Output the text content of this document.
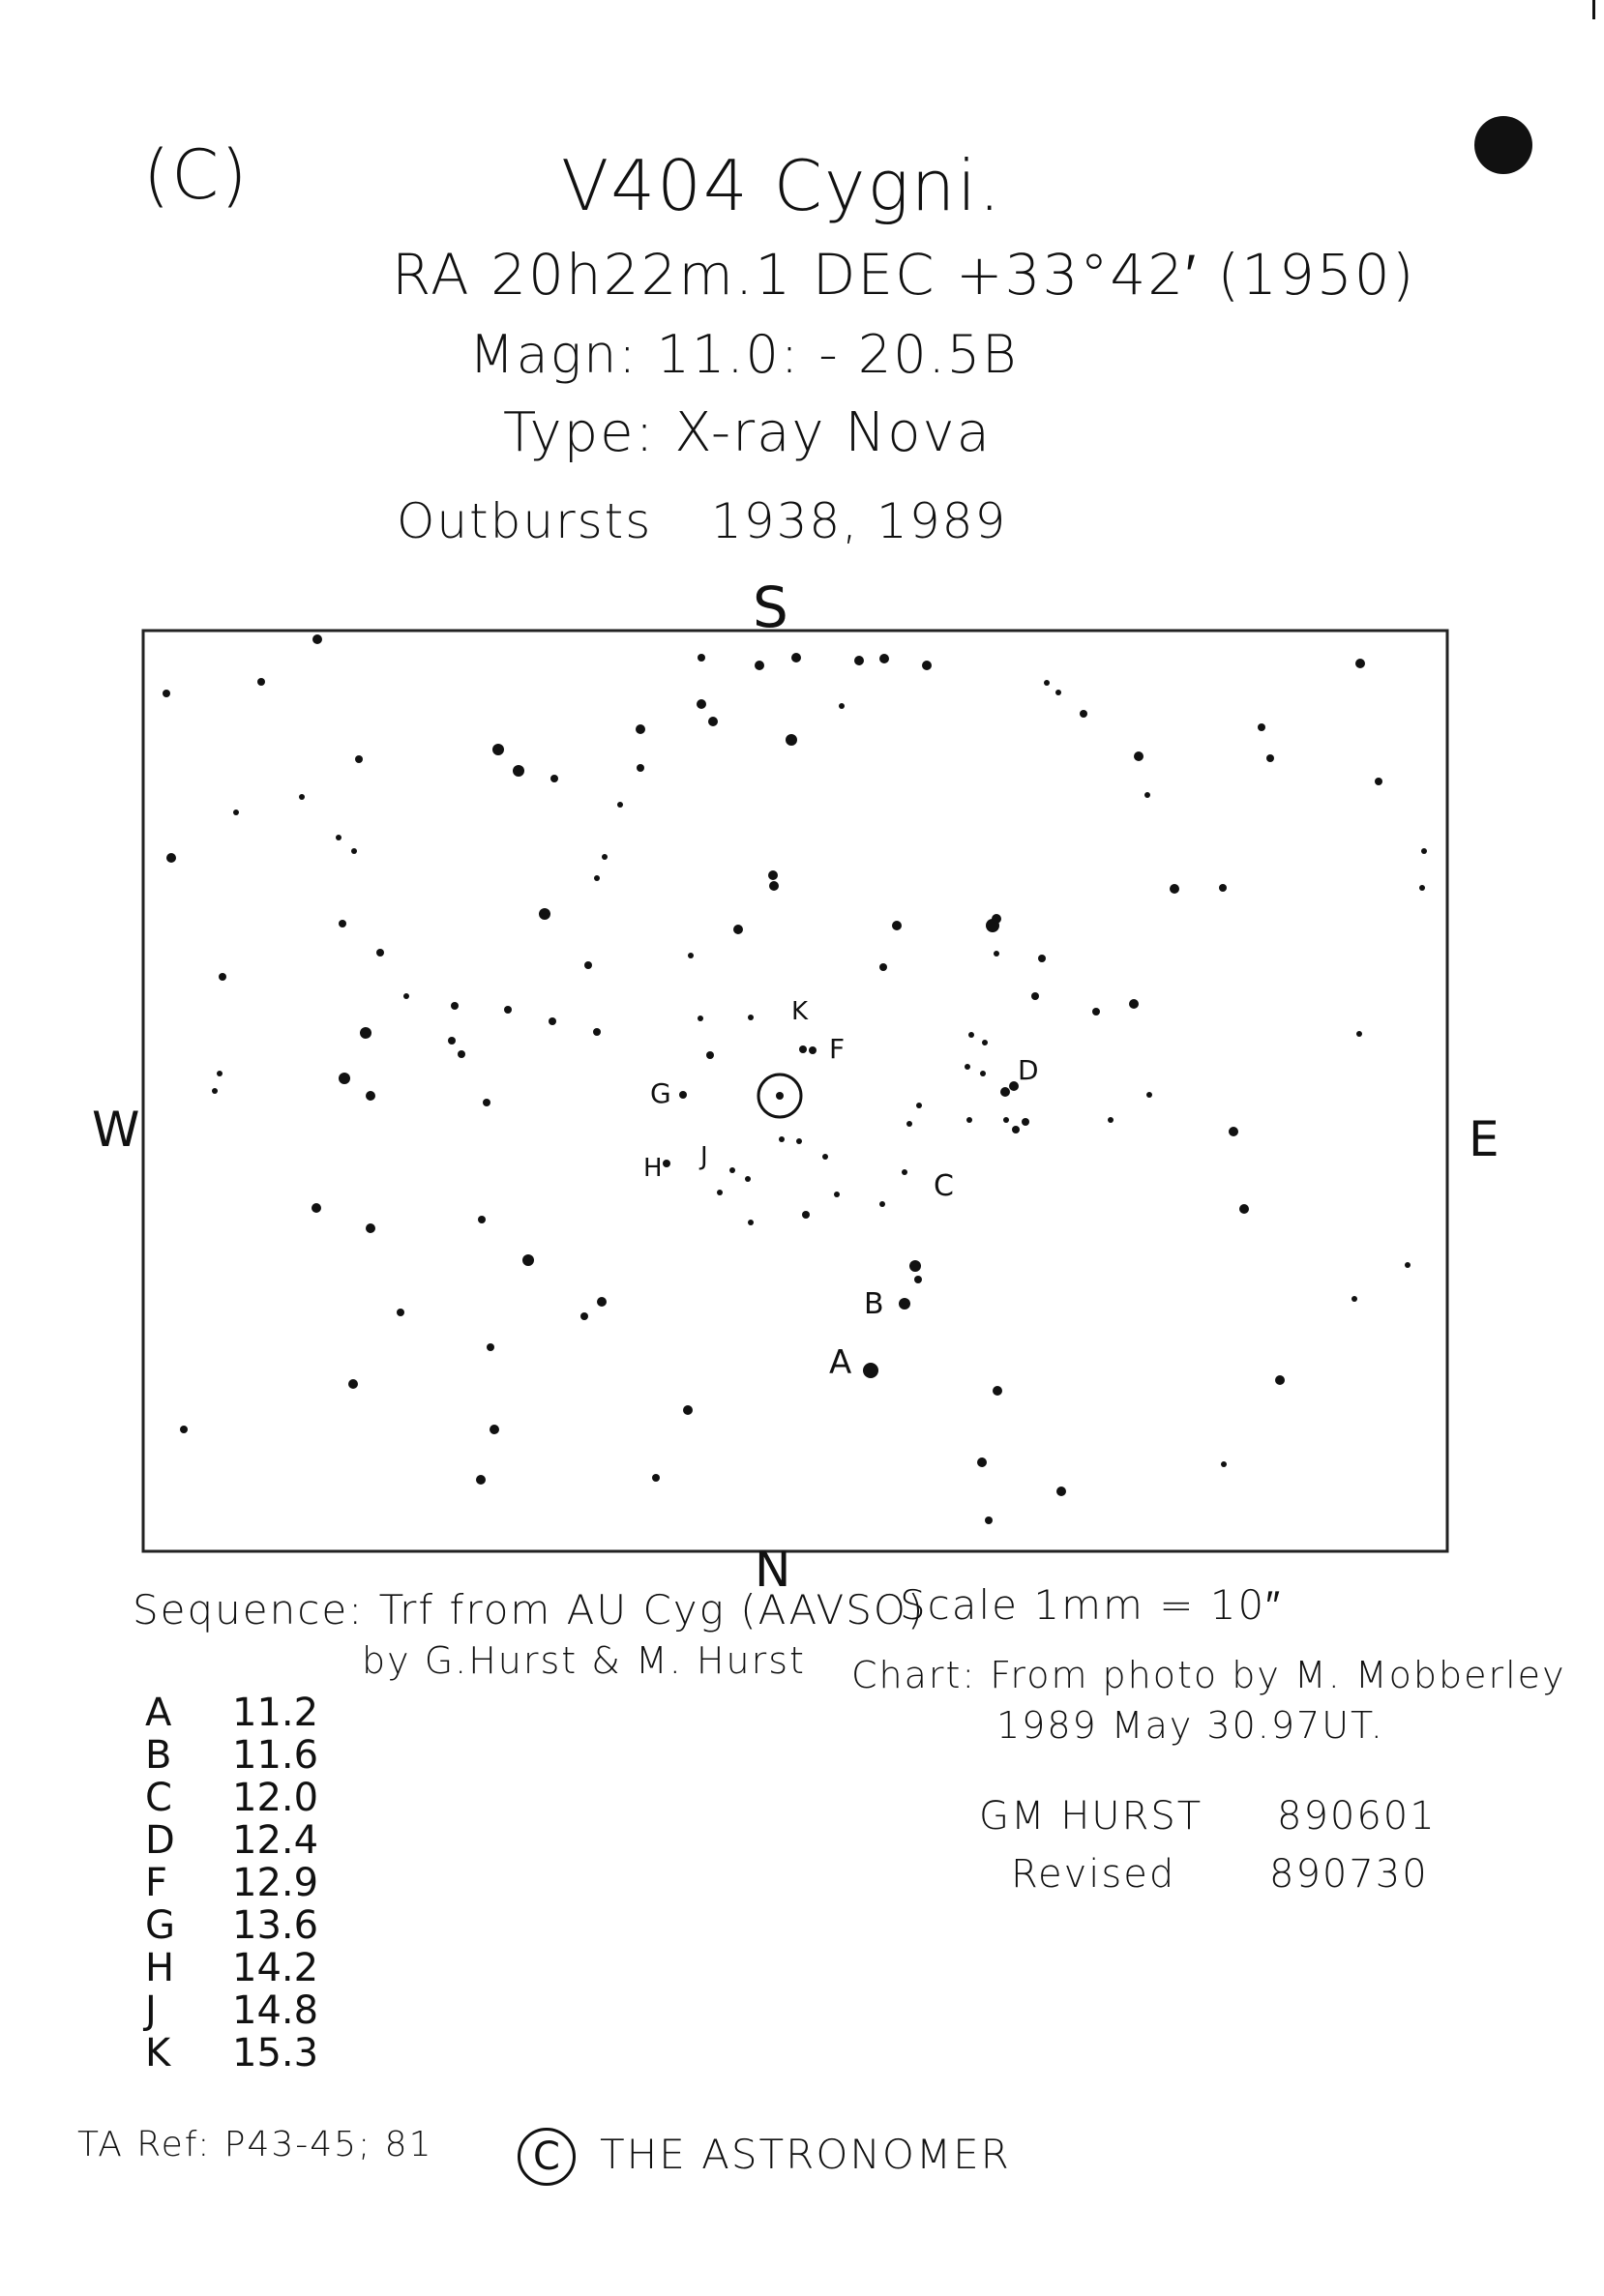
(C)	V404 Cygni.
RA 20h22m.1 DEC +33°42′ (1950)
Magn: 11.0: - 20.5B
Type: X-ray Nova
Outbursts 1938, 1989
S
N
W	E
A
B
C
D
F
G
H J
K
Sequence: Trf from AU Cyg (AAVSO)
by G.Hurst & M. Hurst
A	11.2
B	11.6
C	12.0
D	12.4
F	12.9
G	13.6
H	14.2
J	14.8
K	15.3
Scale 1mm = 10″
Chart: From photo by M. Mobberley
1989 May 30.97UT.
GM HURST 890601
Revised 890730
TA Ref: P43-45; 81	C THE ASTRONOMER
